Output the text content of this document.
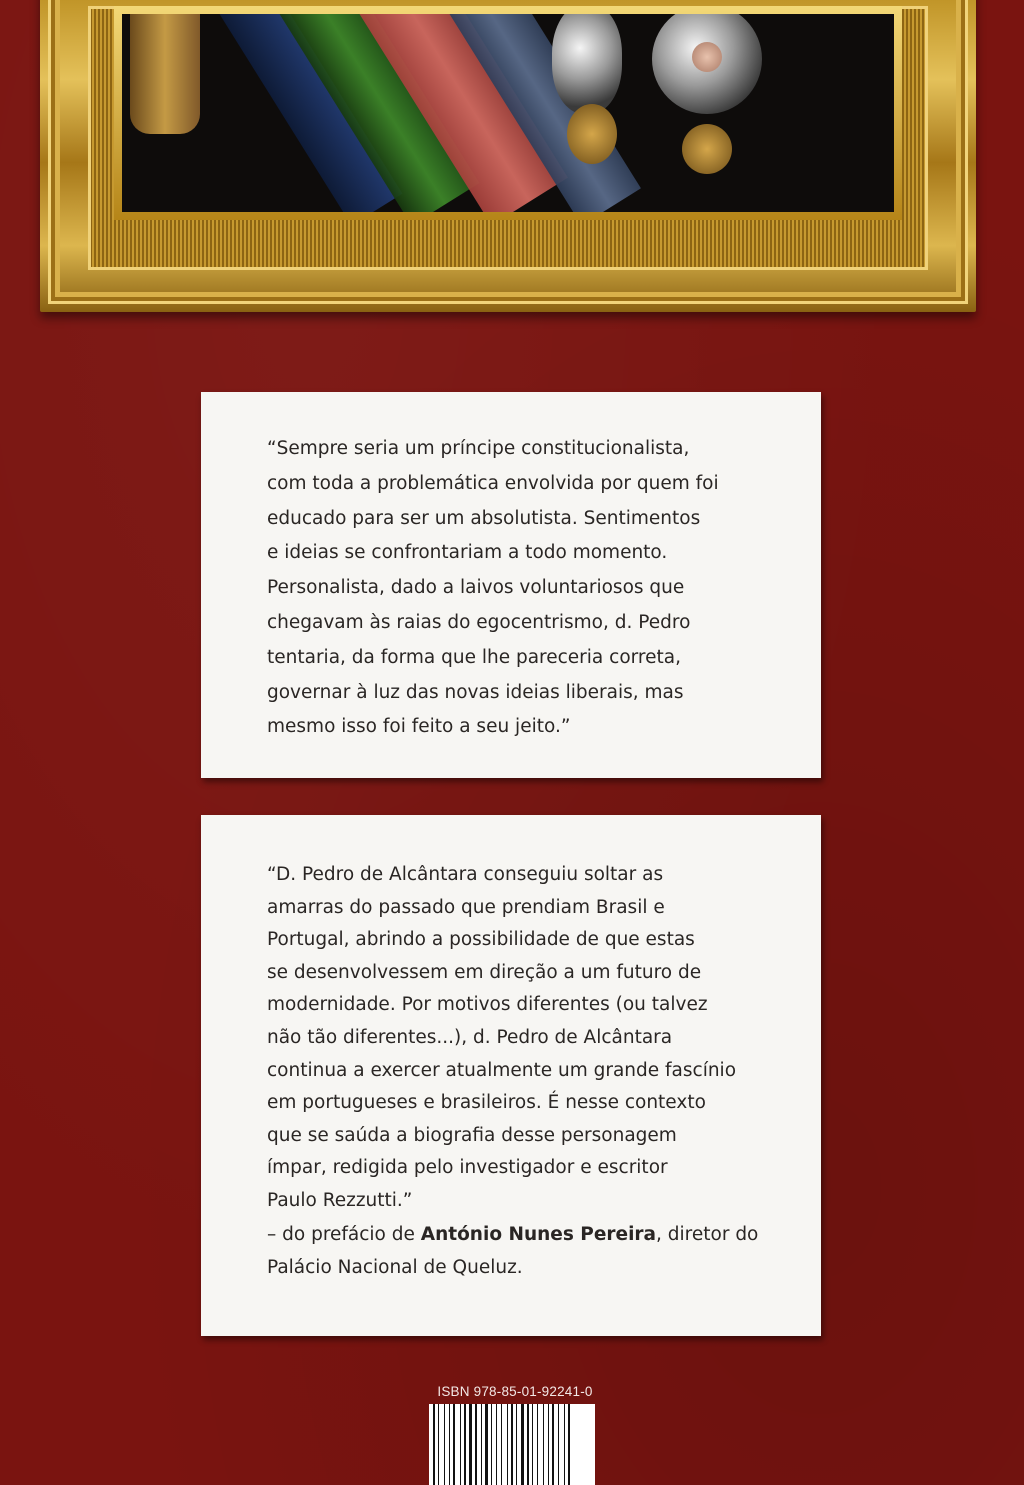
“Sempre seria um príncipe constitucionalista,
com toda a problemática envolvida por quem foi
educado para ser um absolutista. Sentimentos
e ideias se confrontariam a todo momento.
Personalista, dado a laivos voluntariosos que
chegavam às raias do egocentrismo, d. Pedro
tentaria, da forma que lhe pareceria correta,
governar à luz das novas ideias liberais, mas
mesmo isso foi feito a seu jeito.”

“D. Pedro de Alcântara conseguiu soltar as
amarras do passado que prendiam Brasil e
Portugal, abrindo a possibilidade de que estas
se desenvolvessem em direção a um futuro de
modernidade. Por motivos diferentes (ou talvez
não tão diferentes...), d. Pedro de Alcântara
continua a exercer atualmente um grande fascínio
em portugueses e brasileiros. É nesse contexto
que se saúda a biografia desse personagem
ímpar, redigida pelo investigador e escritor
Paulo Rezzutti.”

– do prefácio de António Nunes Pereira, diretor do
Palácio Nacional de Queluz.

ISBN 978-85-01-92241-0
